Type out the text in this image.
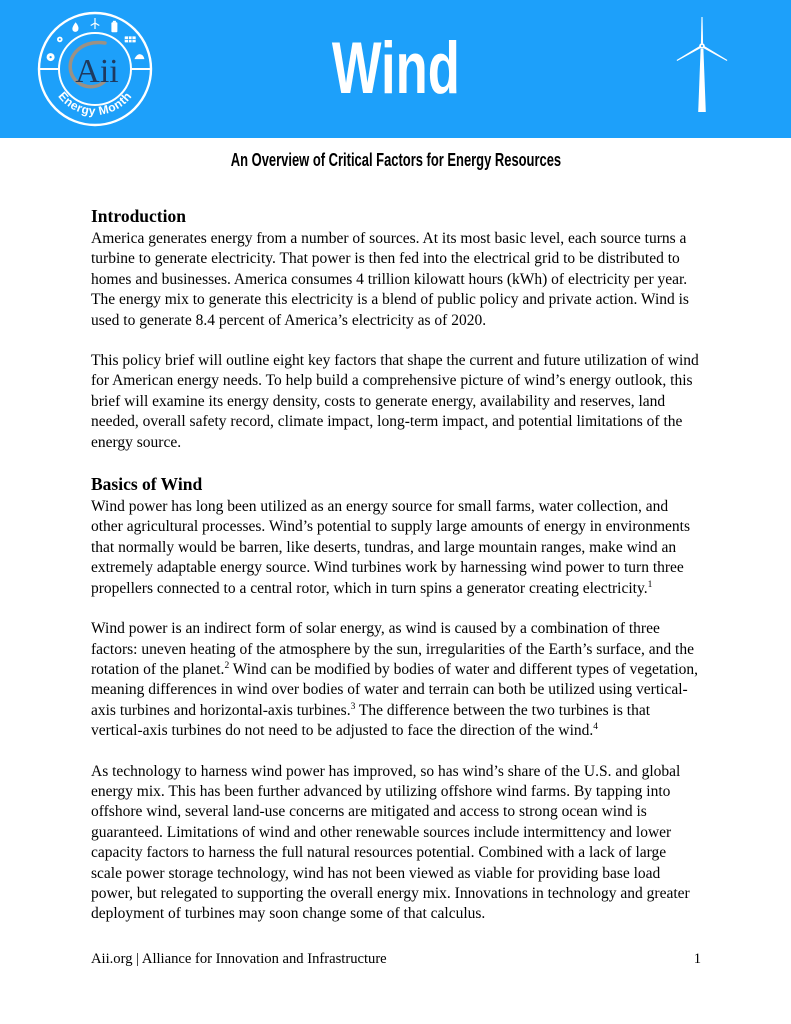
Aii
Energy Month	Wind
An Overview of Critical Factors for Energy Resources
Introduction

America generates energy from a number of sources. At its most basic level, each source turns a turbine to generate electricity. That power is then fed into the electrical grid to be distributed to homes and businesses. America consumes 4 trillion kilowatt hours (kWh) of electricity per year. The energy mix to generate this electricity is a blend of public policy and private action. Wind is used to generate 8.4 percent of America’s electricity as of 2020.

This policy brief will outline eight key factors that shape the current and future utilization of wind for American energy needs. To help build a comprehensive picture of wind’s energy outlook, this brief will examine its energy density, costs to generate energy, availability and reserves, land needed, overall safety record, climate impact, long-term impact, and potential limitations of the energy source.

Basics of Wind

Wind power has long been utilized as an energy source for small farms, water collection, and other agricultural processes. Wind’s potential to supply large amounts of energy in environments that normally would be barren, like deserts, tundras, and large mountain ranges, make wind an extremely adaptable energy source. Wind turbines work by harnessing wind power to turn three propellers connected to a central rotor, which in turn spins a generator creating electricity.$^1$

Wind power is an indirect form of solar energy, as wind is caused by a combination of three factors: uneven heating of the atmosphere by the sun, irregularities of the Earth’s surface, and the rotation of the planet.$^2$ Wind can be modified by bodies of water and different types of vegetation, meaning differences in wind over bodies of water and terrain can both be utilized using vertical-axis turbines and horizontal-axis turbines.$^3$ The difference between the two turbines is that vertical-axis turbines do not need to be adjusted to face the direction of the wind.$^4$

As technology to harness wind power has improved, so has wind’s share of the U.S. and global energy mix. This has been further advanced by utilizing offshore wind farms. By tapping into offshore wind, several land-use concerns are mitigated and access to strong ocean wind is guaranteed. Limitations of wind and other renewable sources include intermittency and lower capacity factors to harness the full natural resources potential. Combined with a lack of large scale power storage technology, wind has not been viewed as viable for providing base load power, but relegated to supporting the overall energy mix. Innovations in technology and greater deployment of turbines may soon change some of that calculus.

Aii.org | Alliance for Innovation and Infrastructure	1
